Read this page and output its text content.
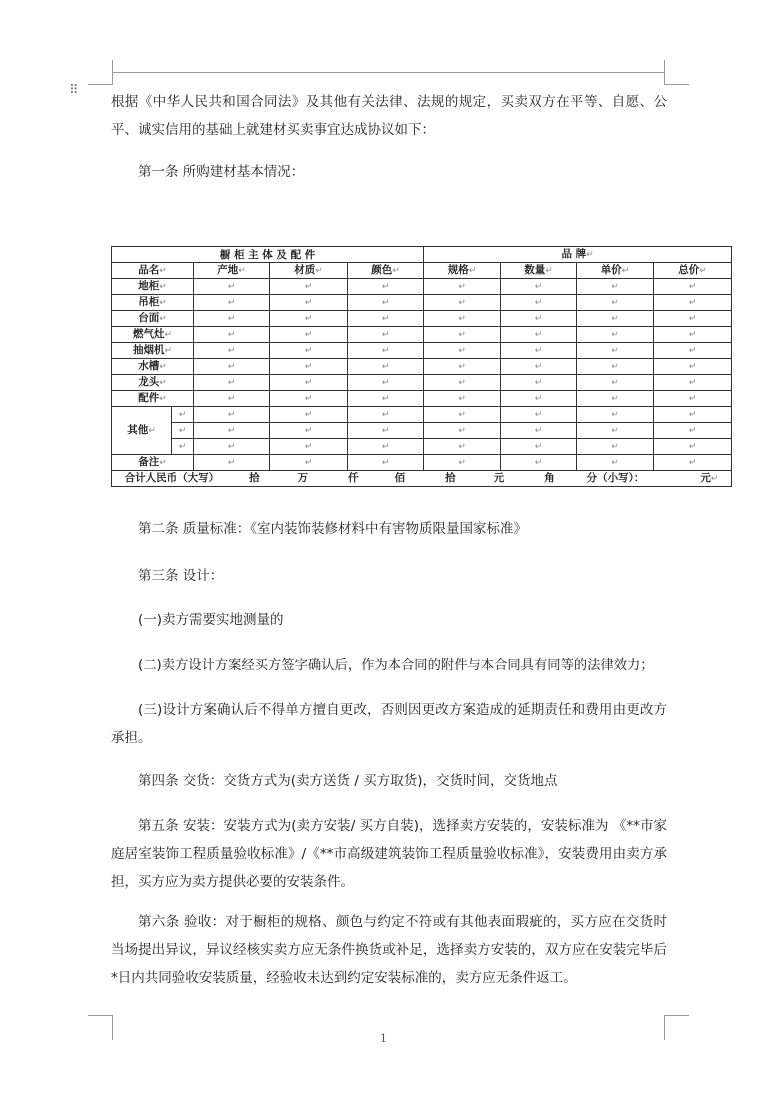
⠿

根据《中华人民共和国合同法》及其他有关法律、法规的规定，买卖双方在平等、自愿、公平、诚实信用的基础上就建材买卖事宜达成协议如下：

第一条 所购建材基本情况：

橱 柜 主 体 及 配 件					品 牌↵			
品名↵		产地↵	材质↵	颜色↵	规格↵	数量↵	单价↵	总价↵
地柜↵		↵	↵	↵	↵	↵	↵	↵
吊柜↵		↵	↵	↵	↵	↵	↵	↵
台面↵		↵	↵	↵	↵	↵	↵	↵
燃气灶↵		↵	↵	↵	↵	↵	↵	↵
抽烟机↵		↵	↵	↵	↵	↵	↵	↵
水槽↵		↵	↵	↵	↵	↵	↵	↵
龙头↵		↵	↵	↵	↵	↵	↵	↵
配件↵		↵	↵	↵	↵	↵	↵	↵
其他↵	↵	↵	↵	↵	↵	↵	↵	↵
	↵	↵	↵	↵	↵	↵	↵	↵
	↵	↵	↵	↵	↵	↵	↵	↵
备注↵		↵	↵	↵	↵	↵	↵	↵
合计人民币（大写） 拾 万 仟 佰 拾 元 角 分（小写）： 元↵								

第二条 质量标准：《室内装饰装修材料中有害物质限量国家标准》

第三条 设计：

(一)卖方需要实地测量的

(二)卖方设计方案经买方签字确认后，作为本合同的附件与本合同具有同等的法律效力；

(三)设计方案确认后不得单方擅自更改，否则因更改方案造成的延期责任和费用由更改方承担。

第四条 交货：交货方式为(卖方送货 / 买方取货)，交货时间，交货地点

第五条 安装：安装方式为(卖方安装/ 买方自装)，选择卖方安装的，安装标准为 《**市家庭居室装饰工程质量验收标准》/《**市高级建筑装饰工程质量验收标准》，安装费用由卖方承担，买方应为卖方提供必要的安装条件。

第六条 验收：对于橱柜的规格、颜色与约定不符或有其他表面瑕疵的，买方应在交货时当场提出异议，异议经核实卖方应无条件换货或补足，选择卖方安装的，双方应在安装完毕后*日内共同验收安装质量，经验收未达到约定安装标准的，卖方应无条件返工。

1
